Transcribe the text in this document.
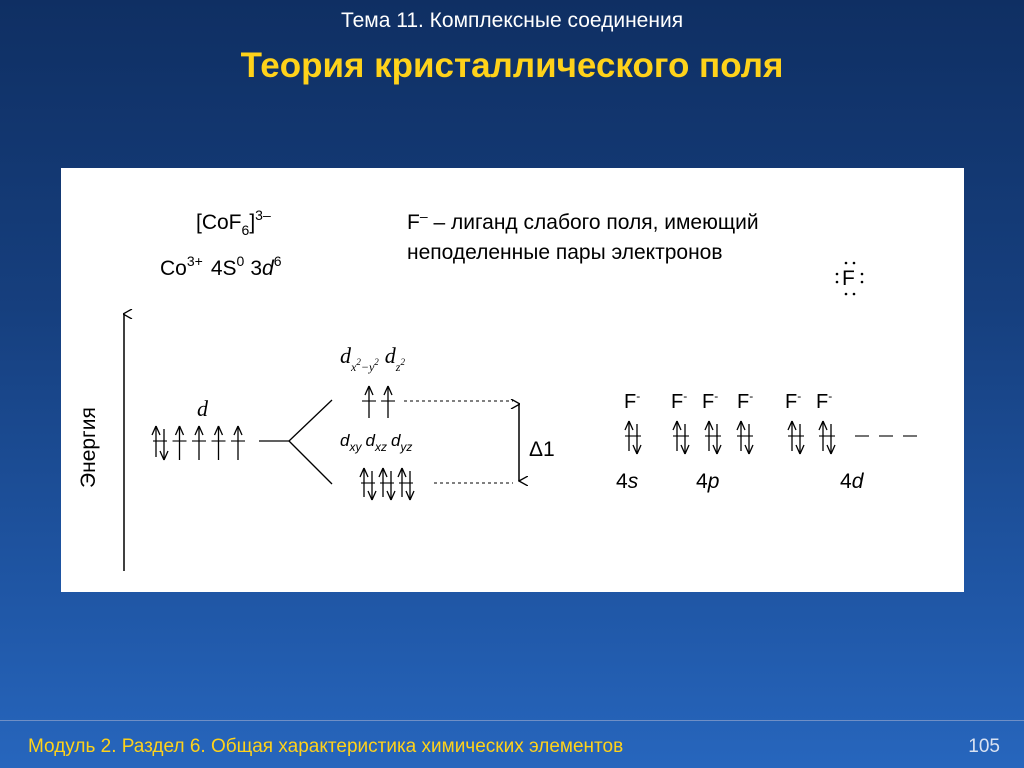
Тема 11. Комплексные соединения
Теория кристаллического поля
$[CoF_6]^{3-}$
$Co^{3+}$ $4S^0$ $3d^6$
F– – лиганд слабого поля, имеющий
неподеленные пары электронов
F
Энергия	d
$d_x^2_-y^2$ $d_z^2$
$d_{xy}$ $d_{xz}$ $d_{yz}$	Δ1
F- F- F- F- F- F-
4s	4p	4d
Модуль 2. Раздел 6. Общая характеристика химических элементов	105
